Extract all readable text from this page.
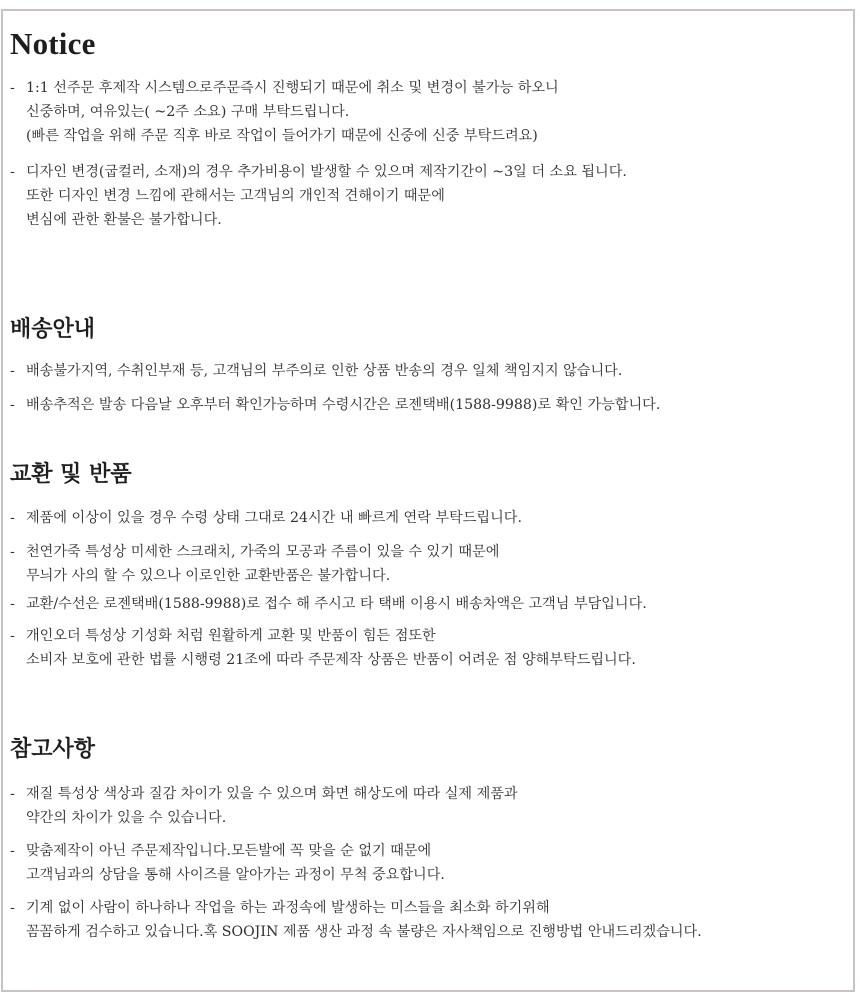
Notice
- 1:1 선주문 후제작 시스템으로주문즉시 진행되기 때문에 취소 및 변경이 불가능 하오니
신중하며, 여유있는( ~2주 소요) 구매 부탁드립니다.
(빠른 작업을 위해 주문 직후 바로 작업이 들어가기 때문에 신중에 신중 부탁드려요)
- 디자인 변경(굽컬러, 소재)의 경우 추가비용이 발생할 수 있으며 제작기간이 ~3일 더 소요 됩니다.
또한 디자인 변경 느낌에 관해서는 고객님의 개인적 견해이기 때문에
변심에 관한 환불은 불가합니다.
배송안내
- 배송불가지역, 수취인부재 등, 고객님의 부주의로 인한 상품 반송의 경우 일체 책임지지 않습니다.
- 배송추적은 발송 다음날 오후부터 확인가능하며 수령시간은 로젠택배(1588-9988)로 확인 가능합니다.
교환 및 반품
- 제품에 이상이 있을 경우 수령 상태 그대로 24시간 내 빠르게 연락 부탁드립니다.
- 천연가죽 특성상 미세한 스크래치, 가죽의 모공과 주름이 있을 수 있기 때문에
무늬가 사의 할 수 있으나 이로인한 교환반품은 불가합니다.
- 교환/수선은 로젠택배(1588-9988)로 접수 해 주시고 타 택배 이용시 배송차액은 고객님 부담입니다.
- 개인오더 특성상 기성화 처럼 원활하게 교환 및 반품이 힘든 점또한
소비자 보호에 관한 법률 시행령 21조에 따라 주문제작 상품은 반품이 어려운 점 양해부탁드립니다.
참고사항
- 재질 특성상 색상과 질감 차이가 있을 수 있으며 화면 해상도에 따라 실제 제품과
약간의 차이가 있을 수 있습니다.
- 맞춤제작이 아닌 주문제작입니다.모든발에 꼭 맞을 순 없기 때문에
고객님과의 상담을 통해 사이즈를 알아가는 과정이 무척 중요합니다.
- 기계 없이 사람이 하나하나 작업을 하는 과정속에 발생하는 미스들을 최소화 하기위해
꼼꼼하게 검수하고 있습니다.혹 SOOJIN 제품 생산 과정 속 불량은 자사책임으로 진행방법 안내드리겠습니다.
